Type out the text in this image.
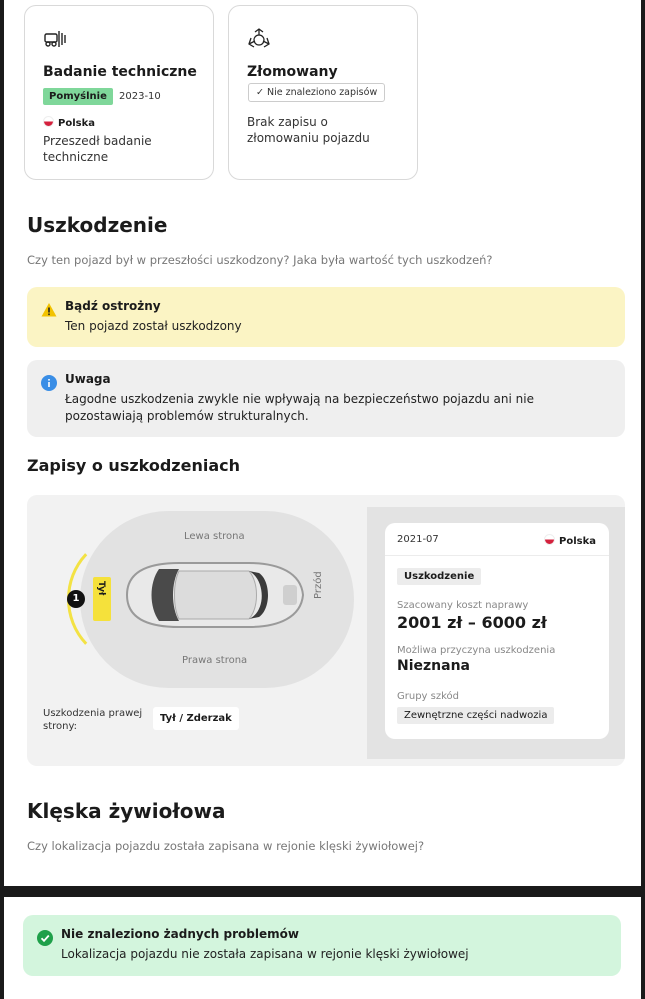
Badanie techniczne
Pomyślnie	2023-10
Polska
Przeszedł badanie techniczne
Złomowany
✓ Nie znaleziono zapisów
Brak zapisu o złomowaniu pojazdu
Uszkodzenie
Czy ten pojazd był w przeszłości uszkodzony? Jaka była wartość tych uszkodzeń?
Bądź ostrożny
Ten pojazd został uszkodzony
Uwaga
Łagodne uszkodzenia zwykle nie wpływają na bezpieczeństwo pojazdu ani nie pozostawiają problemów strukturalnych.
Zapisy o uszkodzeniach
Lewa strona
Prawa strona
Przód
1
Tył
Uszkodzenia prawej strony:
Tył / Zderzak
2021-07	Polska
Uszkodzenie
Szacowany koszt naprawy
2001 zł – 6000 zł
Możliwa przyczyna uszkodzenia
Nieznana
Grupy szkód
Zewnętrzne części nadwozia
Klęska żywiołowa
Czy lokalizacja pojazdu została zapisana w rejonie klęski żywiołowej?
Nie znaleziono żadnych problemów
Lokalizacja pojazdu nie została zapisana w rejonie klęski żywiołowej
